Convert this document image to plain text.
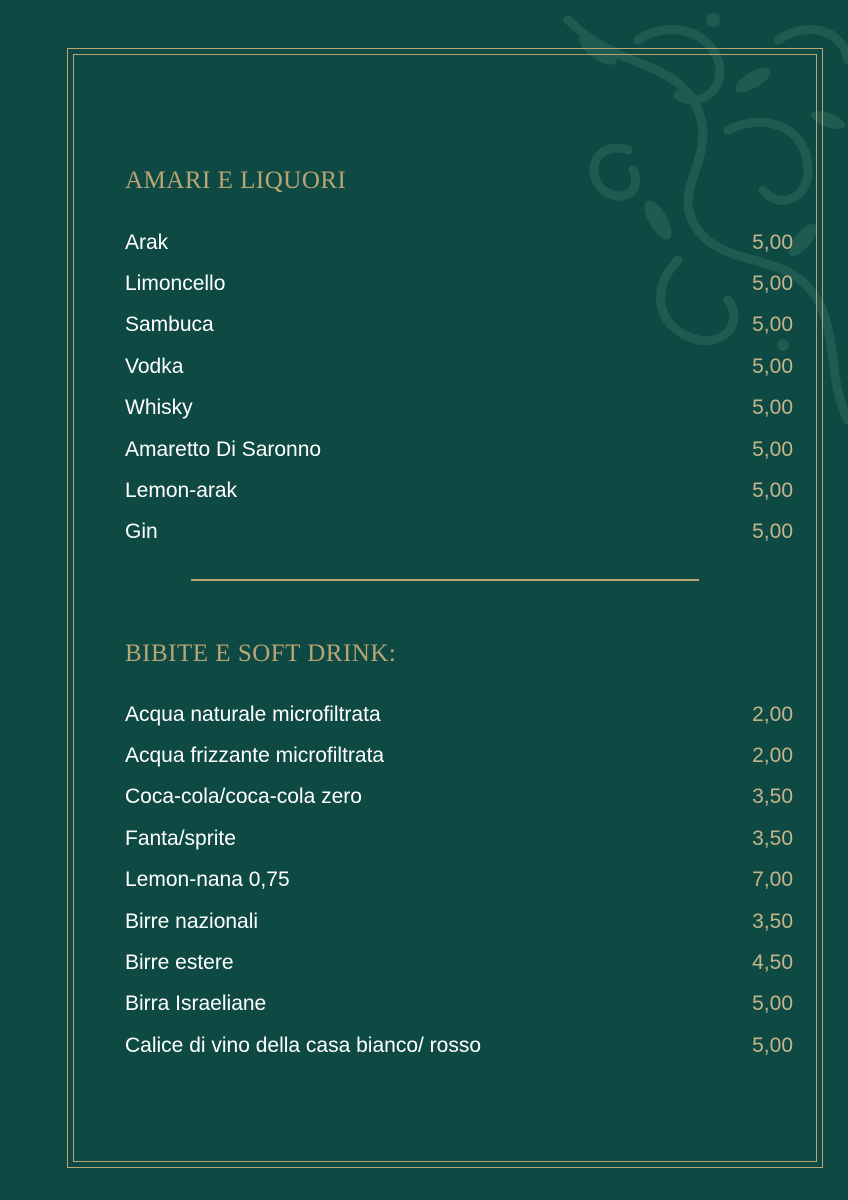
AMARI E LIQUORI
Arak	5,00
Limoncello	5,00
Sambuca	5,00
Vodka	5,00
Whisky	5,00
Amaretto Di Saronno	5,00
Lemon-arak	5,00
Gin	5,00
BIBITE E SOFT DRINK:
Acqua naturale microfiltrata	2,00
Acqua frizzante microfiltrata	2,00
Coca-cola/coca-cola zero	3,50
Fanta/sprite	3,50
Lemon-nana 0,75	7,00
Birre nazionali	3,50
Birre estere	4,50
Birra Israeliane	5,00
Calice di vino della casa bianco/ rosso	5,00
